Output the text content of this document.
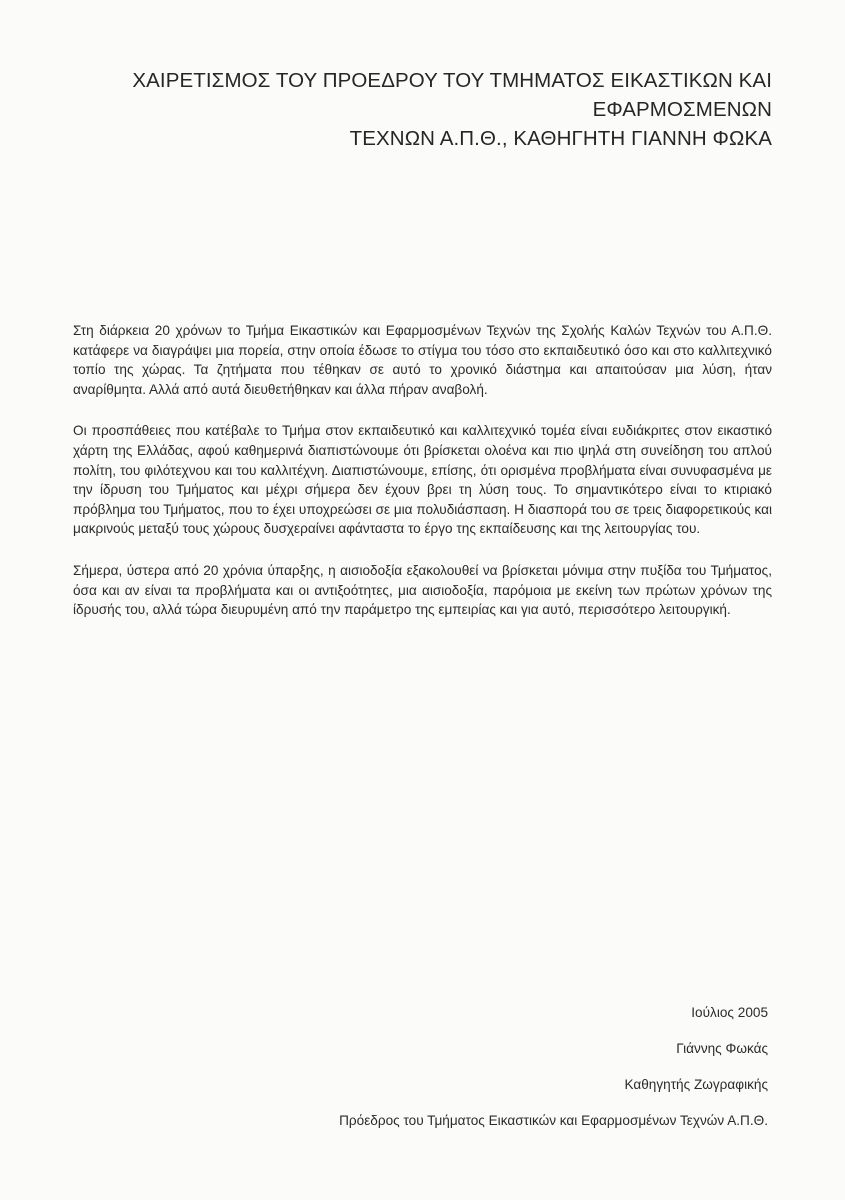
ΧΑΙΡΕΤΙΣΜΟΣ ΤΟΥ ΠΡΟΕΔΡΟΥ ΤΟΥ ΤΜΗΜΑΤΟΣ ΕΙΚΑΣΤΙΚΩΝ ΚΑΙ ΕΦΑΡΜΟΣΜΕΝΩΝ
ΤΕΧΝΩΝ Α.Π.Θ., ΚΑΘΗΓΗΤΗ ΓΙΑΝΝΗ ΦΩΚΑ

Στη διάρκεια 20 χρόνων το Τμήμα Εικαστικών και Εφαρμοσμένων Τεχνών της Σχολής Καλών Τεχνών του Α.Π.Θ. κατάφερε να διαγράψει μια πορεία, στην οποία έδωσε το στίγμα του τόσο στο εκπαιδευτικό όσο και στο καλλιτεχνικό τοπίο της χώρας. Τα ζητήματα που τέθηκαν σε αυτό το χρονικό διάστημα και απαιτούσαν μια λύση, ήταν αναρίθμητα. Αλλά από αυτά διευθετήθηκαν και άλλα πήραν αναβολή.

Οι προσπάθειες που κατέβαλε το Τμήμα στον εκπαιδευτικό και καλλιτεχνικό τομέα είναι ευδιάκριτες στον εικαστικό χάρτη της Ελλάδας, αφού καθημερινά διαπιστώνουμε ότι βρίσκεται ολοένα και πιο ψηλά στη συνείδηση του απλού πολίτη, του φιλότεχνου και του καλλιτέχνη. Διαπιστώνουμε, επίσης, ότι ορισμένα προβλήματα είναι συνυφασμένα με την ίδρυση του Τμήματος και μέχρι σήμερα δεν έχουν βρει τη λύση τους. Το σημαντικότερο είναι το κτιριακό πρόβλημα του Τμήματος, που το έχει υποχρεώσει σε μια πολυδιάσπαση. Η διασπορά του σε τρεις διαφορετικούς και μακρινούς μεταξύ τους χώρους δυσχεραίνει αφάνταστα το έργο της εκπαίδευσης και της λειτουργίας του.

Σήμερα, ύστερα από 20 χρόνια ύπαρξης, η αισιοδοξία εξακολουθεί να βρίσκεται μόνιμα στην πυξίδα του Τμήματος, όσα και αν είναι τα προβλήματα και οι αντιξοότητες, μια αισιοδοξία, παρόμοια με εκείνη των πρώτων χρόνων της ίδρυσής του, αλλά τώρα διευρυμένη από την παράμετρο της εμπειρίας και για αυτό, περισσότερο λειτουργική.

Ιούλιος 2005
Γιάννης Φωκάς
Καθηγητής Ζωγραφικής
Πρόεδρος του Τμήματος Εικαστικών και Εφαρμοσμένων Τεχνών Α.Π.Θ.
